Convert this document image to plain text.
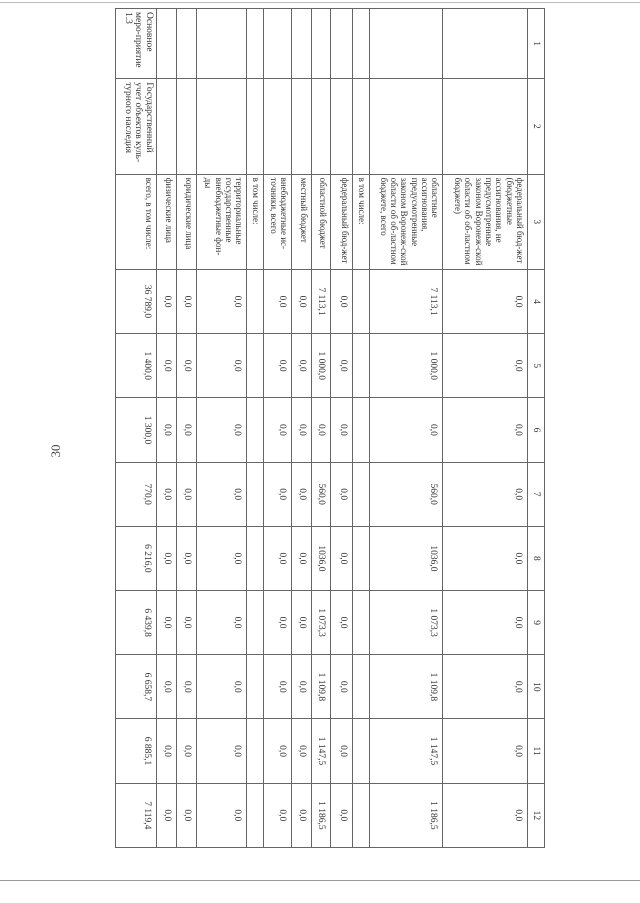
30
1	2	3	4	5	6	7	8	9	10	11	12
		федеральный бюд-жет (бюджетные ассигнования, не предусмотренные законом Воронеж-ской области об об-ластном бюджете)	0,0	0,0	0,0	0,0	0,0	0,0	0,0	0,0	0,0
		областные ассигнования, предусмотренные законом Воронеж-ской области об об-ластном бюджете, всего	7 113,1	1 000,0	0,0	560,0	1036,0	1 073,3	1 109,8	1 147,5	1 186,5
		в том числе:									
		федеральный бюд-жет	0,0	0,0	0,0	0,0	0,0	0,0	0,0	0,0	0,0
		областной бюджет	7 113,1	1 000,0	0,0	560,0	1036,0	1 073,3	1 109,8	1 147,5	1 186,5
		местный бюджет	0,0	0,0	0,0	0,0	0,0	0,0	0,0	0,0	0,0
		внебюджетные ис-точники, всего	0,0	0,0	0,0	0,0	0,0	0,0	0,0	0,0	0,0
		в том числе:									
		территориальные государственные внебюджетные фон-ды	0,0	0,0	0,0	0,0	0,0	0,0	0,0	0,0	0,0
		юридические лица	0,0	0,0	0,0	0,0	0,0	0,0	0,0	0,0	0,0
		физические лица	0,0	0,0	0,0	0,0	0,0	0,0	0,0	0,0	0,0
Основное меро-приятие 1.3	Государственный учет объектов куль-турного наследия	всего, в том числе:	36 789,0	1 400,0	1 300,0	770,0	6 216,0	6 439,8	6 658,7	6 885,1	7 119,4
